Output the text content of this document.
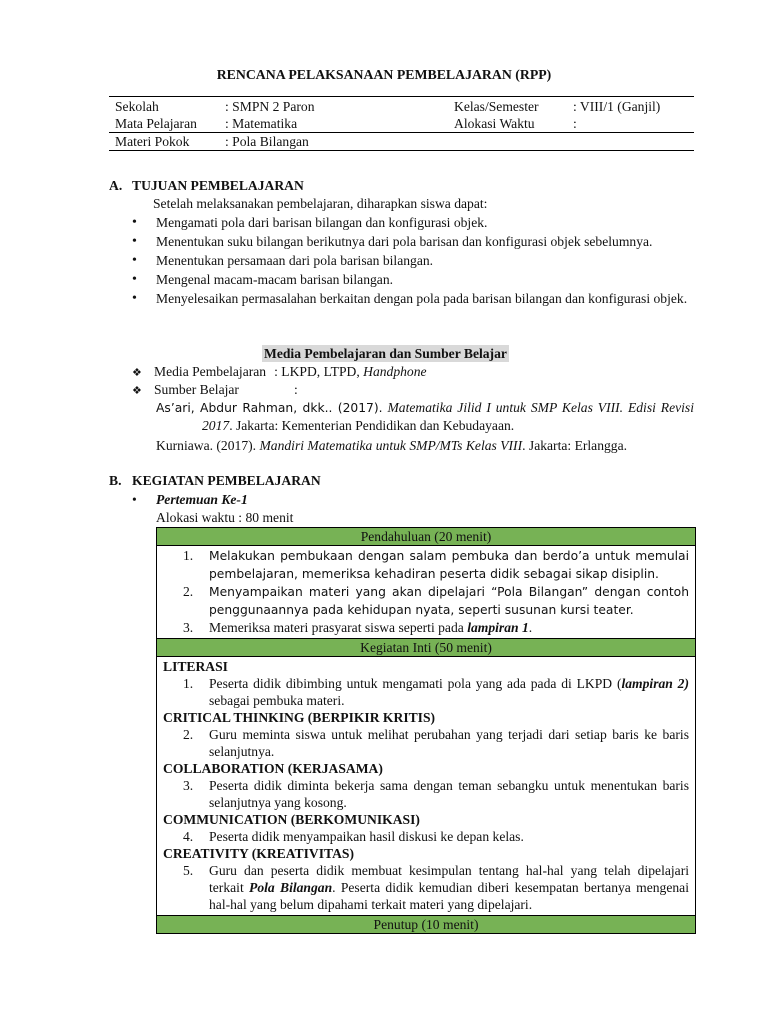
RENCANA PELAKSANAAN PEMBELAJARAN (RPP)
Sekolah	: SMPN 2 Paron	Kelas/Semester	: VIII/1 (Ganjil)
Mata Pelajaran	: Matematika	Alokasi Waktu	:
Materi Pokok	: Pola Bilangan		
A. TUJUAN PEMBELAJARAN
Setelah melaksanakan pembelajaran, diharapkan siswa dapat:
• Mengamati pola dari barisan bilangan dan konfigurasi objek.
• Menentukan suku bilangan berikutnya dari pola barisan dan konfigurasi objek sebelumnya.
• Menentukan persamaan dari pola barisan bilangan.
• Mengenal macam-macam barisan bilangan.
• Menyelesaikan permasalahan berkaitan dengan pola pada barisan bilangan dan konfigurasi objek.
Media Pembelajaran dan Sumber Belajar
❖ Media Pembelajaran : LKPD, LTPD, Handphone
❖ Sumber Belajar	:
As’ari, Abdur Rahman, dkk.. (2017). Matematika Jilid I untuk SMP Kelas VIII. Edisi Revisi 2017. Jakarta: Kementerian Pendidikan dan Kebudayaan.
Kurniawa. (2017). Mandiri Matematika untuk SMP/MTs Kelas VIII. Jakarta: Erlangga.
B. KEGIATAN PEMBELAJARAN
• Pertemuan Ke-1
Alokasi waktu : 80 menit
Pendahuluan (20 menit)
1. Melakukan pembukaan dengan salam pembuka dan berdo’a untuk memulai pembelajaran, memeriksa kehadiran peserta didik sebagai sikap disiplin.
2. Menyampaikan materi yang akan dipelajari “Pola Bilangan” dengan contoh penggunaannya pada kehidupan nyata, seperti susunan kursi teater.
3. Memeriksa materi prasyarat siswa seperti pada lampiran 1.
Kegiatan Inti (50 menit)
LITERASI
1. Peserta didik dibimbing untuk mengamati pola yang ada pada di LKPD (lampiran 2) sebagai pembuka materi.
CRITICAL THINKING (BERPIKIR KRITIS)
2. Guru meminta siswa untuk melihat perubahan yang terjadi dari setiap baris ke baris selanjutnya.
COLLABORATION (KERJASAMA)
3. Peserta didik diminta bekerja sama dengan teman sebangku untuk menentukan baris selanjutnya yang kosong.
COMMUNICATION (BERKOMUNIKASI)
4. Peserta didik menyampaikan hasil diskusi ke depan kelas.
CREATIVITY (KREATIVITAS)
5. Guru dan peserta didik membuat kesimpulan tentang hal-hal yang telah dipelajari terkait Pola Bilangan. Peserta didik kemudian diberi kesempatan bertanya mengenai hal-hal yang belum dipahami terkait materi yang dipelajari.
Penutup (10 menit)
